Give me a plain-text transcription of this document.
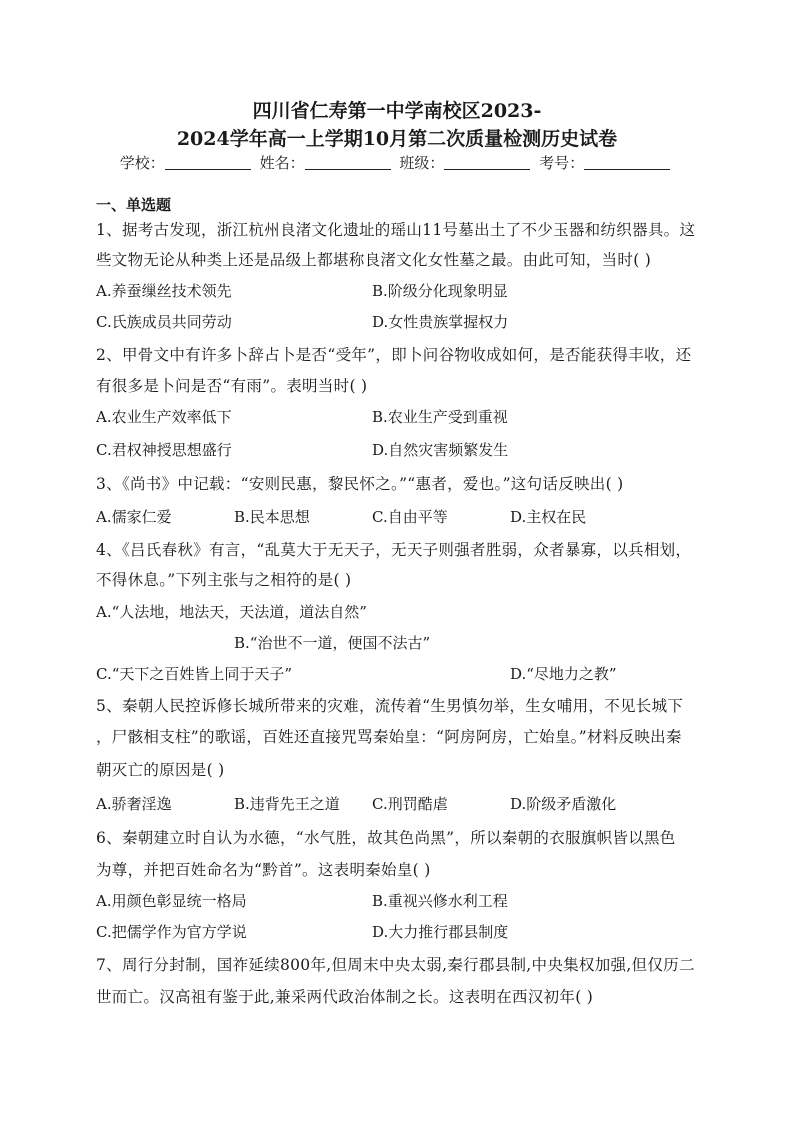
四川省仁寿第一中学南校区2023-
2024学年高一上学期10月第二次质量检测历史试卷
学校：	姓名：	班级：	考号：
一、单选题
1、据考古发现，浙江杭州良渚文化遗址的瑶山11号墓出土了不少玉器和纺织器具。这
些文物无论从种类上还是品级上都堪称良渚文化女性墓之最。由此可知，当时( )
A.养蚕缫丝技术领先	B.阶级分化现象明显
C.氏族成员共同劳动	D.女性贵族掌握权力
2、甲骨文中有许多卜辞占卜是否“受年”，即卜问谷物收成如何，是否能获得丰收，还
有很多是卜问是否“有雨”。表明当时( )
A.农业生产效率低下	B.农业生产受到重视
C.君权神授思想盛行	D.自然灾害频繁发生
3、《尚书》中记载：“安则民惠，黎民怀之。”“惠者，爱也。”这句话反映出( )
A.儒家仁爱	B.民本思想	C.自由平等	D.主权在民
4、《吕氏春秋》有言，“乱莫大于无天子，无天子则强者胜弱，众者暴寡，以兵相划，
不得休息。”下列主张与之相符的是( )
A.“人法地，地法天，天法道，道法自然”
B.“治世不一道，便国不法古”
C.“天下之百姓皆上同于天子”	D.“尽地力之教”
5、秦朝人民控诉修长城所带来的灾难，流传着“生男慎勿举，生女哺用，不见长城下
，尸骸相支柱”的歌谣，百姓还直接咒骂秦始皇：“阿房阿房，亡始皇。”材料反映出秦
朝灭亡的原因是( )
A.骄奢淫逸	B.违背先王之道 C.刑罚酷虐	D.阶级矛盾激化
6、秦朝建立时自认为水德，“水气胜，故其色尚黑”，所以秦朝的衣服旗帜皆以黑色
为尊，并把百姓命名为“黔首”。这表明秦始皇( )
A.用颜色彰显统一格局	B.重视兴修水利工程
C.把儒学作为官方学说	D.大力推行郡县制度
7、周行分封制，国祚延续800年,但周末中央太弱,秦行郡县制,中央集权加强,但仅历二
世而亡。汉高祖有鉴于此,兼采两代政治体制之长。这表明在西汉初年( )
